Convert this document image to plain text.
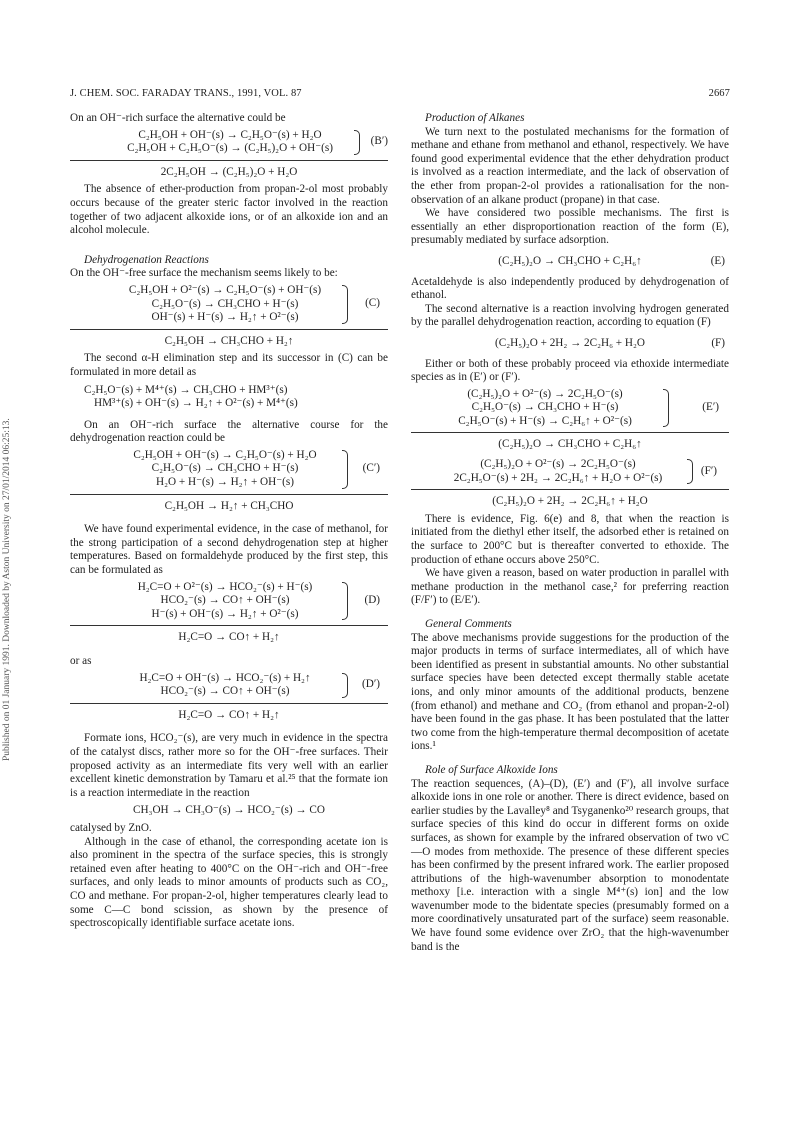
Published on 01 January 1991. Downloaded by Aston University on 27/01/2014 06:25:13.
J. CHEM. SOC. FARADAY TRANS., 1991, VOL. 87	2667

On an OH⁻-rich surface the alternative could be

C₂H₅OH + OH⁻(s) → C₂H₅O⁻(s) + H₂O
C₂H₅OH + C₂H₅O⁻(s) → (C₂H₅)₂O + OH⁻(s)
(B′)
2C₂H₅OH → (C₂H₅)₂O + H₂O

The absence of ether-production from propan-2-ol most probably occurs because of the greater steric factor involved in the reaction together of two adjacent alkoxide ions, or of an alkoxide ion and an alcohol molecule.

Dehydrogenation Reactions

On the OH⁻-free surface the mechanism seems likely to be:

C₂H₅OH + O²⁻(s) → C₂H₅O⁻(s) + OH⁻(s)
C₂H₅O⁻(s) → CH₃CHO + H⁻(s)
OH⁻(s) + H⁻(s) → H₂↑ + O²⁻(s)
(C)
C₂H₅OH → CH₃CHO + H₂↑

The second α-H elimination step and its successor in (C) can be formulated in more detail as

C₂H₅O⁻(s) + M⁴⁺(s) → CH₃CHO + HM³⁺(s)
HM³⁺(s) + OH⁻(s) → H₂↑ + O²⁻(s) + M⁴⁺(s)

On an OH⁻-rich surface the alternative course for the dehydrogenation reaction could be

C₂H₅OH + OH⁻(s) → C₂H₅O⁻(s) + H₂O
C₂H₅O⁻(s) → CH₃CHO + H⁻(s)
H₂O + H⁻(s) → H₂↑ + OH⁻(s)
(C′)
C₂H₅OH → H₂↑ + CH₃CHO

We have found experimental evidence, in the case of methanol, for the strong participation of a second dehydrogenation step at higher temperatures. Based on formaldehyde produced by the first step, this can be formulated as

H₂C=O + O²⁻(s) → HCO₂⁻(s) + H⁻(s)
HCO₂⁻(s) → CO↑ + OH⁻(s)
H⁻(s) + OH⁻(s) → H₂↑ + O²⁻(s)
(D)
H₂C=O → CO↑ + H₂↑

or as

H₂C=O + OH⁻(s) → HCO₂⁻(s) + H₂↑
HCO₂⁻(s) → CO↑ + OH⁻(s)
(D′)
H₂C=O → CO↑ + H₂↑

Formate ions, HCO₂⁻(s), are very much in evidence in the spectra of the catalyst discs, rather more so for the OH⁻-free surfaces. Their proposed activity as an intermediate fits very well with an earlier excellent kinetic demonstration by Tamaru et al.²⁵ that the formate ion is a reaction intermediate in the reaction

CH₃OH → CH₃O⁻(s) → HCO₂⁻(s) → CO

catalysed by ZnO.

Although in the case of ethanol, the corresponding acetate ion is also prominent in the spectra of the surface species, this is strongly retained even after heating to 400°C on the OH⁻-rich and OH⁻-free surfaces, and only leads to minor amounts of products such as CO₂, CO and methane. For propan-2-ol, higher temperatures clearly lead to some C—C bond scission, as shown by the presence of spectroscopically identifiable surface acetate ions.

Production of Alkanes

We turn next to the postulated mechanisms for the formation of methane and ethane from methanol and ethanol, respectively. We have found good experimental evidence that the ether dehydration product is involved as a reaction intermediate, and the lack of observation of the ether from propan-2-ol provides a rationalisation for the non-observation of an alkane product (propane) in that case.

We have considered two possible mechanisms. The first is essentially an ether disproportionation reaction of the form (E), presumably mediated by surface adsorption.

(C₂H₅)₂O → CH₃CHO + C₂H₆↑	(E)

Acetaldehyde is also independently produced by dehydrogenation of ethanol.

The second alternative is a reaction involving hydrogen generated by the parallel dehydrogenation reaction, according to equation (F)

(C₂H₅)₂O + 2H₂ → 2C₂H₆ + H₂O	(F)

Either or both of these probably proceed via ethoxide intermediate species as in (E′) or (F′).

(C₂H₅)₂O + O²⁻(s) → 2C₂H₅O⁻(s)
C₂H₅O⁻(s) → CH₃CHO + H⁻(s)
C₂H₅O⁻(s) + H⁻(s) → C₂H₆↑ + O²⁻(s)
(E′)
(C₂H₅)₂O → CH₃CHO + C₂H₆↑
(C₂H₅)₂O + O²⁻(s) → 2C₂H₅O⁻(s)
2C₂H₅O⁻(s) + 2H₂ → 2C₂H₆↑ + H₂O + O²⁻(s)
(F′)
(C₂H₅)₂O + 2H₂ → 2C₂H₆↑ + H₂O

There is evidence, Fig. 6(e) and 8, that when the reaction is initiated from the diethyl ether itself, the adsorbed ether is retained on the surface to 200°C but is thereafter converted to ethoxide. The production of ethane occurs above 250°C.

We have given a reason, based on water production in parallel with methane production in the methanol case,² for preferring reaction (F/F′) to (E/E′).

General Comments

The above mechanisms provide suggestions for the production of the major products in terms of surface intermediates, all of which have been identified as present in substantial amounts. No other substantial surface species have been detected except thermally stable acetate ions, and only minor amounts of the additional products, benzene (from ethanol) and methane and CO₂ (from ethanol and propan-2-ol) have been found in the gas phase. It has been postulated that the latter two come from the high-temperature thermal decomposition of acetate ions.¹

Role of Surface Alkoxide Ions

The reaction sequences, (A)–(D), (E′) and (F′), all involve surface alkoxide ions in one role or another. There is direct evidence, based on earlier studies by the Lavalley⁸ and Tsyganenko²⁰ research groups, that surface species of this kind do occur in different forms on oxide surfaces, as shown for example by the infrared observation of two νC—O modes from methoxide. The presence of these different species has been confirmed by the present infrared work. The earlier proposed attributions of the high-wavenumber absorption to monodentate methoxy [i.e. interaction with a single M⁴⁺(s) ion] and the low wavenumber mode to the bidentate species (presumably formed on a more coordinatively unsaturated part of the surface) seem reasonable. We have found some evidence over ZrO₂ that the high-wavenumber band is the
